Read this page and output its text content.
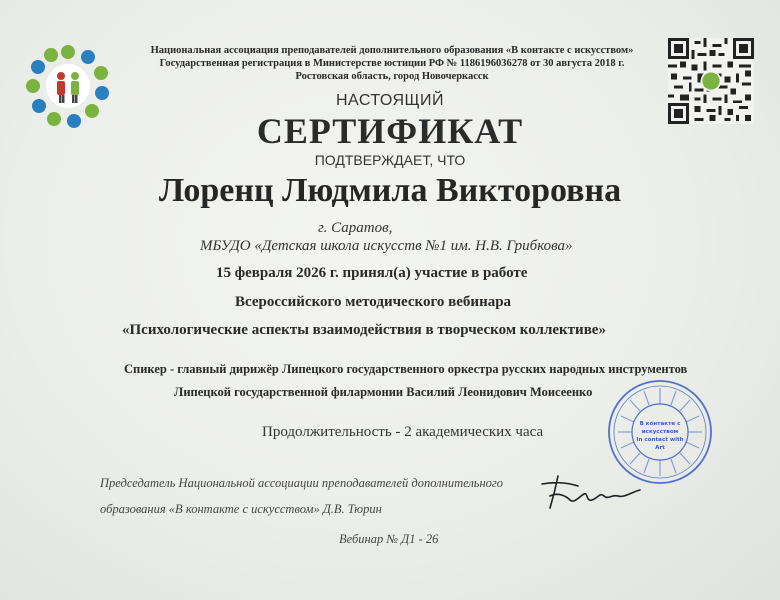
Национальная ассоциация преподавателей дополнительного образования «В контакте с искусством»
Государственная регистрация в Министерстве юстиции РФ № 1186196036278 от 30 августа 2018 г.
Ростовская область, город Новочеркасск
НАСТОЯЩИЙ
СЕРТИФИКАТ
ПОДТВЕРЖДАЕТ, ЧТО
Лоренц Людмила Викторовна
г. Саратов,
МБУДО «Детская школа искусств №1 им. Н.В. Грибкова»
15 февраля 2026 г. принял(а) участие в работе
Всероссийского методического вебинара
«Психологические аспекты взаимодействия в творческом коллективе»
Спикер - главный дирижёр Липецкого государственного оркестра русских народных инструментов
Липецкой государственной филармонии Василий Леонидович Моисеенко
Продолжительность - 2 академических часа	В контакте с искусством
In contact with Art
Председатель Национальной ассоциации преподавателей дополнительного
образования «В контакте с искусством» Д.В. Тюрин
Вебинар № Д1 - 26
